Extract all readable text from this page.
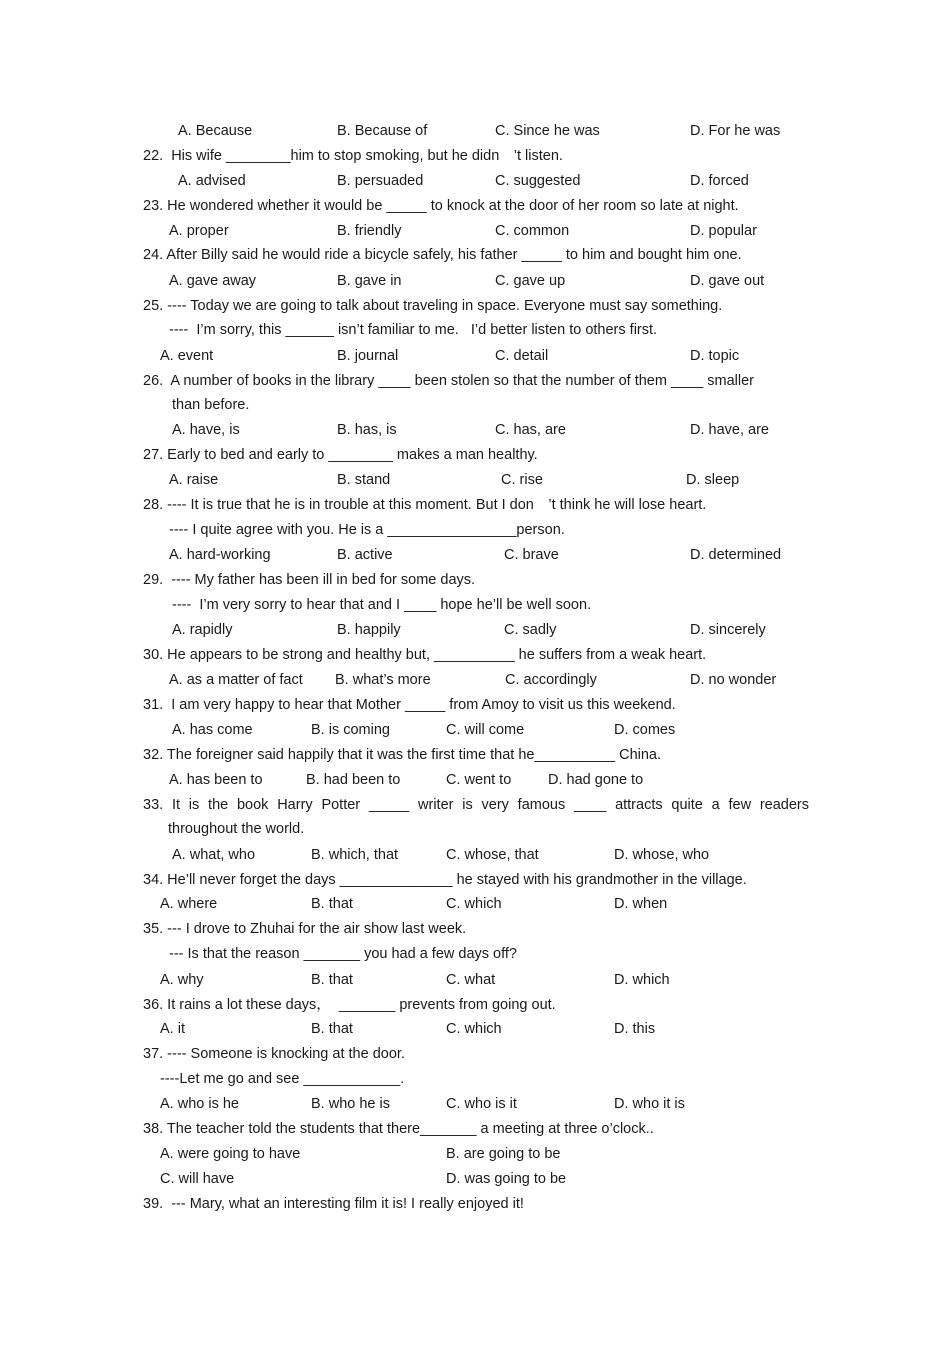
A. Because	B. Because of	C. Since he was	D. For he was
22.  His wife ________him to stop smoking, but he didn　’t listen.
A. advised	B. persuaded	C. suggested	D. forced
23. He wondered whether it would be _____ to knock at the door of her room so late at night.
A. proper	B. friendly	C. common	D. popular
24. After Billy said he would ride a bicycle safely, his father _____ to him and bought him one.
A. gave away	B. gave in	C. gave up	D. gave out
25. ---- Today we are going to talk about traveling in space. Everyone must say something.
----  I’m sorry, this ______ isn’t familiar to me.   I’d better listen to others first.
A. event	B. journal	C. detail	D. topic
26.  A number of books in the library ____ been stolen so that the number of them ____ smaller
than before.
A. have, is	B. has, is	C. has, are	D. have, are
27. Early to bed and early to ________ makes a man healthy.
A. raise	B. stand	C. rise	D. sleep
28. ---- It is true that he is in trouble at this moment. But I don　’t think he will lose heart.
---- I quite agree with you. He is a ________________person.
A. hard-working	B. active	C. brave	D. determined
29.  ---- My father has been ill in bed for some days.
----  I’m very sorry to hear that and I ____ hope he’ll be well soon.
A. rapidly	B. happily	C. sadly	D. sincerely
30. He appears to be strong and healthy but, __________ he suffers from a weak heart.
A. as a matter of fact B. what’s more	C. accordingly	D. no wonder
31.  I am very happy to hear that Mother _____ from Amoy to visit us this weekend.
A. has come	B. is coming	C. will come	D. comes
32. The foreigner said happily that it was the first time that he__________ China.
A. has been to	B. had been to	C. went to	D. had gone to
33. It is the book Harry Potter _____ writer is very famous ____ attracts quite a few readers
throughout the world.
A. what, who	B. which, that	C. whose, that	D. whose, who
34. He’ll never forget the days ______________ he stayed with his grandmother in the village.
A. where	B. that	C. which	D. when
35. --- I drove to Zhuhai for the air show last week.
--- Is that the reason _______ you had a few days off?
A. why	B. that	C. what	D. which
36. It rains a lot these days，  _______ prevents from going out.
A. it	B. that	C. which	D. this
37. ---- Someone is knocking at the door.
----Let me go and see ____________.
A. who is he	B. who he is	C. who is it	D. who it is
38. The teacher told the students that there_______ a meeting at three o’clock..
A. were going to have	B. are going to be
C. will have	D. was going to be
39.  --- Mary, what an interesting film it is! I really enjoyed it!
